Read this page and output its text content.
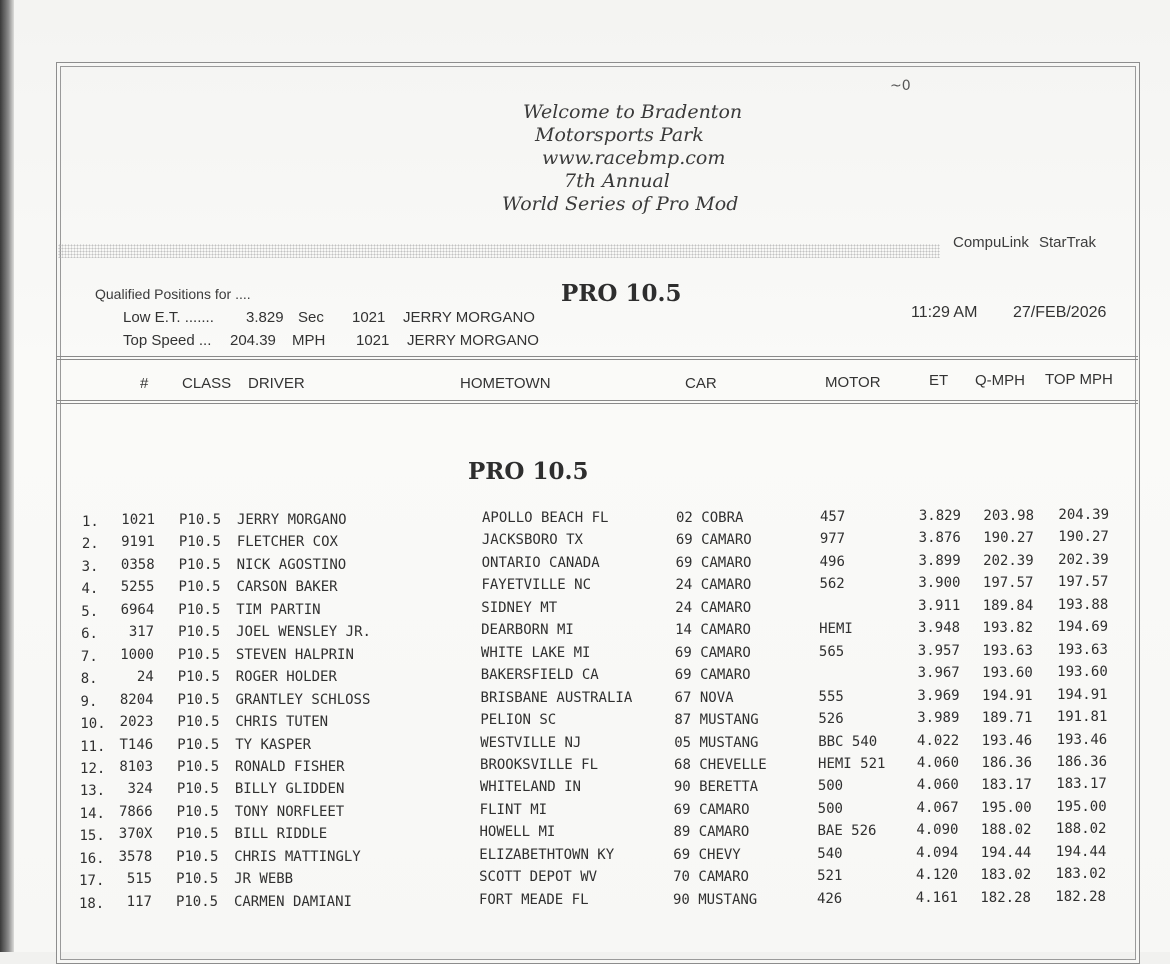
~0
Welcome to Bradenton
Motorsports Park
www.racebmp.com
7th Annual
World Series of Pro Mod
CompuLink StarTrak
Qualified Positions for ....	PRO 10.5
Low E.T. ....... 3.829 Sec 1021 JERRY MORGANO
Top Speed ... 204.39 MPH 1021 JERRY MORGANO
11:29 AM 27/FEB/2026
# CLASS DRIVER	HOMETOWN	CAR	MOTOR	ET Q-MPH TOP MPH
PRO 10.5
1. 1021 P10.5 JERRY MORGANO	APOLLO BEACH FL	02 COBRA	457	3.829 203.98 204.39
2. 9191 P10.5 FLETCHER COX	JACKSBORO TX	69 CAMARO	977	3.876 190.27 190.27
3. 0358 P10.5 NICK AGOSTINO	ONTARIO CANADA	69 CAMARO	496	3.899 202.39 202.39
4. 5255 P10.5 CARSON BAKER	FAYETVILLE NC	24 CAMARO	562	3.900 197.57 197.57
5. 6964 P10.5 TIM PARTIN	SIDNEY MT	24 CAMARO	3.911 189.84 193.88
6. 317 P10.5 JOEL WENSLEY JR.	DEARBORN MI	14 CAMARO	HEMI	3.948 193.82 194.69
7. 1000 P10.5 STEVEN HALPRIN	WHITE LAKE MI	69 CAMARO	565	3.957 193.63 193.63
8.	24 P10.5 ROGER HOLDER	BAKERSFIELD CA	69 CAMARO	3.967 193.60 193.60
9. 8204 P10.5 GRANTLEY SCHLOSS	BRISBANE AUSTRALIA	67 NOVA	555	3.969 194.91 194.91
10. 2023 P10.5 CHRIS TUTEN	PELION SC	87 MUSTANG	526	3.989 189.71 191.81
11. T146 P10.5 TY KASPER	WESTVILLE NJ	05 MUSTANG	BBC 540	4.022 193.46 193.46
12. 8103 P10.5 RONALD FISHER	BROOKSVILLE FL	68 CHEVELLE	HEMI 521 4.060 186.36 186.36
13. 324 P10.5 BILLY GLIDDEN	WHITELAND IN	90 BERETTA	500	4.060 183.17 183.17
14. 7866 P10.5 TONY NORFLEET	FLINT MI	69 CAMARO	500	4.067 195.00 195.00
15. 370X P10.5 BILL RIDDLE	HOWELL MI	89 CAMARO	BAE 526	4.090 188.02 188.02
16. 3578 P10.5 CHRIS MATTINGLY	ELIZABETHTOWN KY	69 CHEVY	540	4.094 194.44 194.44
17. 515 P10.5 JR WEBB	SCOTT DEPOT WV	70 CAMARO	521	4.120 183.02 183.02
18. 117 P10.5 CARMEN DAMIANI	FORT MEADE FL	90 MUSTANG	426	4.161 182.28 182.28
